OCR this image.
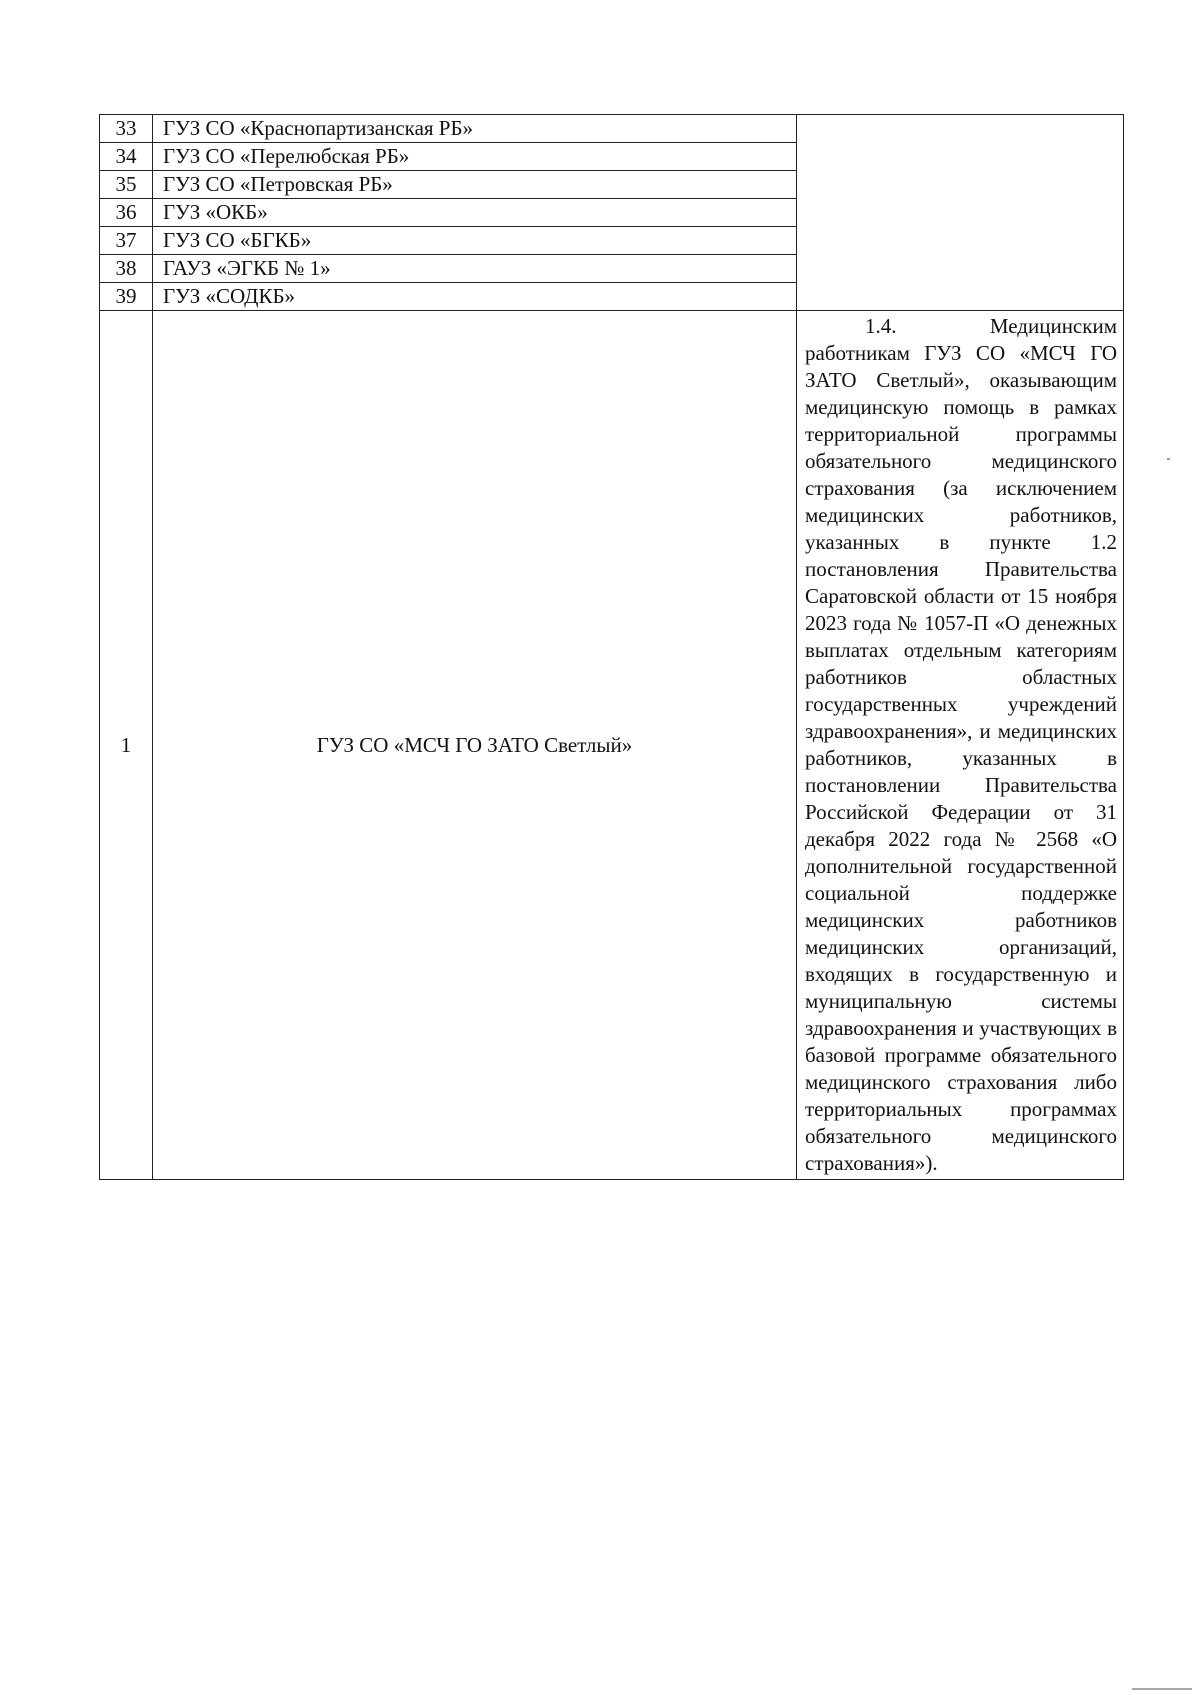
33	ГУЗ СО «Краснопартизанская РБ»	
34	ГУЗ СО «Перелюбская РБ»	
35	ГУЗ СО «Петровская РБ»	
36	ГУЗ «ОКБ»	
37	ГУЗ СО «БГКБ»	
38	ГАУЗ «ЭГКБ № 1»	
39	ГУЗ «СОДКБ»	
1	ГУЗ СО «МСЧ ГО ЗАТО Светлый»	1.4. Медицинским работникам ГУЗ СО «МСЧ ГО ЗАТО Светлый», оказывающим медицинскую помощь в рамках территориальной программы обязательного медицинского страхования (за исключением медицинских работников, указанных в пункте 1.2 постановления Правительства Саратовской области от 15 ноября 2023 года № 1057-П «О денежных выплатах отдельным категориям работников областных государственных учреждений здравоохранения», и медицинских работников, указанных в постановлении Правительства Российской Федерации от 31 декабря 2022 года № 2568 «О дополнительной государственной социальной поддержке медицинских работников медицинских организаций, входящих в государственную и муниципальную системы здравоохранения и участвующих в базовой программе обязательного медицинского страхования либо территориальных программах обязательного медицинского страхования»).
